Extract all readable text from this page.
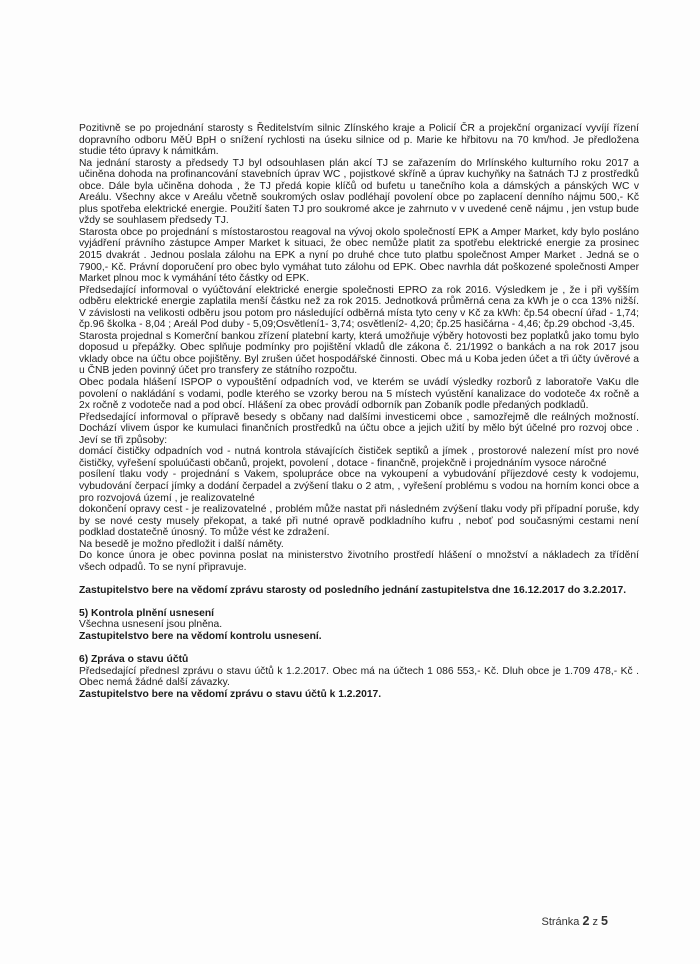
Pozitivně se po projednání starosty s Ředitelstvím silnic Zlínského kraje a Policií ČR a projekční organizací vyvíjí řízení dopravního odboru MěÚ BpH o snížení rychlosti na úseku silnice od p. Marie ke hřbitovu na 70 km/hod. Je předložena studie této úpravy k námitkám.

Na jednání starosty a předsedy TJ byl odsouhlasen plán akcí TJ se zařazením do Mrlínského kulturního roku 2017 a učiněna dohoda na profinancování stavebních úprav WC , pojistkové skříně a úprav kuchyňky na šatnách TJ z prostředků obce. Dále byla učiněna dohoda , že TJ předá kopie klíčů od bufetu u tanečního kola a dámských a pánských WC v Areálu. Všechny akce v Areálu včetně soukromých oslav podléhají povolení obce po zaplacení denního nájmu 500,- Kč plus spotřeba elektrické energie. Použití šaten TJ pro soukromé akce je zahrnuto v v uvedené ceně nájmu , jen vstup bude vždy se souhlasem předsedy TJ.

Starosta obce po projednání s místostarostou reagoval na vývoj okolo společností EPK a Amper Market, kdy bylo posláno vyjádření právního zástupce Amper Market k situaci, že obec nemůže platit za spotřebu elektrické energie za prosinec 2015 dvakrát . Jednou poslala zálohu na EPK a nyní po druhé chce tuto platbu společnost Amper Market . Jedná se o 7900,- Kč. Právní doporučení pro obec bylo vymáhat tuto zálohu od EPK. Obec navrhla dát poškozené společnosti Amper Market plnou moc k vymáhání této částky od EPK.

Předsedající informoval o vyúčtování elektrické energie společnosti EPRO za rok 2016. Výsledkem je , že i při vyšším odběru elektrické energie zaplatila menší částku než za rok 2015. Jednotková průměrná cena za kWh je o cca 13% nižší. V závislosti na velikosti odběru jsou potom pro následující odběrná místa tyto ceny v Kč za kWh: čp.54 obecní úřad - 1,74; čp.96 školka - 8,04 ; Areál Pod duby - 5,09;Osvětlení1- 3,74; osvětlení2- 4,20; čp.25 hasičárna - 4,46; čp.29 obchod -3,45.

Starosta projednal s Komerční bankou zřízení platební karty, která umožňuje výběry hotovosti bez poplatků jako tomu bylo doposud u přepážky. Obec splňuje podmínky pro pojištění vkladů dle zákona č. 21/1992 o bankách a na rok 2017 jsou vklady obce na účtu obce pojištěny. Byl zrušen účet hospodářské činnosti. Obec má u Koba jeden účet a tři účty úvěrové a u ČNB jeden povinný účet pro transfery ze státního rozpočtu.

Obec podala hlášení ISPOP o vypouštění odpadních vod, ve kterém se uvádí výsledky rozborů z laboratoře VaKu dle povolení o nakládání s vodami, podle kterého se vzorky berou na 5 místech vyústění kanalizace do vodoteče 4x ročně a 2x ročně z vodoteče nad a pod obcí. Hlášení za obec provádí odborník pan Zobaník podle předaných podkladů.

Předsedající informoval o přípravě besedy s občany nad dalšími investicemi obce , samozřejmě dle reálných možností. Dochází vlivem úspor ke kumulaci finančních prostředků na účtu obce a jejich užití by mělo být účelné pro rozvoj obce . Jeví se tři způsoby:

domácí čističky odpadních vod - nutná kontrola stávajících čističek septiků a jímek , prostorové nalezení míst pro nové čističky, vyřešení spoluúčasti občanů, projekt, povolení , dotace - finančně, projekčně i projednáním vysoce náročné

posílení tlaku vody - projednání s Vakem, spolupráce obce na vykoupení a vybudování příjezdové cesty k vodojemu, vybudování čerpací jímky a dodání čerpadel a zvýšení tlaku o 2 atm, , vyřešení problému s vodou na horním konci obce a pro rozvojová území , je realizovatelné

dokončení opravy cest - je realizovatelné , problém může nastat při následném zvýšení tlaku vody při případní poruše, kdy by se nové cesty musely překopat, a také při nutné opravě podkladního kufru , neboť pod současnými cestami není podklad dostatečně únosný. To může vést ke zdražení.

Na besedě je možno předložit i další náměty.

Do konce února je obec povinna poslat na ministerstvo životního prostředí hlášení o množství a nákladech za třídění všech odpadů. To se nyní připravuje.

Zastupitelstvo bere na vědomí zprávu starosty od posledního jednání zastupitelstva dne 16.12.2017 do 3.2.2017.

5) Kontrola plnění usnesení

Všechna usnesení jsou plněna.

Zastupitelstvo bere na vědomí kontrolu usnesení.

6) Zpráva o stavu účtů

Předsedající přednesl zprávu o stavu účtů k 1.2.2017. Obec má na účtech 1 086 553,- Kč. Dluh obce je 1.709 478,- Kč . Obec nemá žádné další závazky.

Zastupitelstvo bere na vědomí zprávu o stavu účtů k 1.2.2017.

Stránka 2 z 5
